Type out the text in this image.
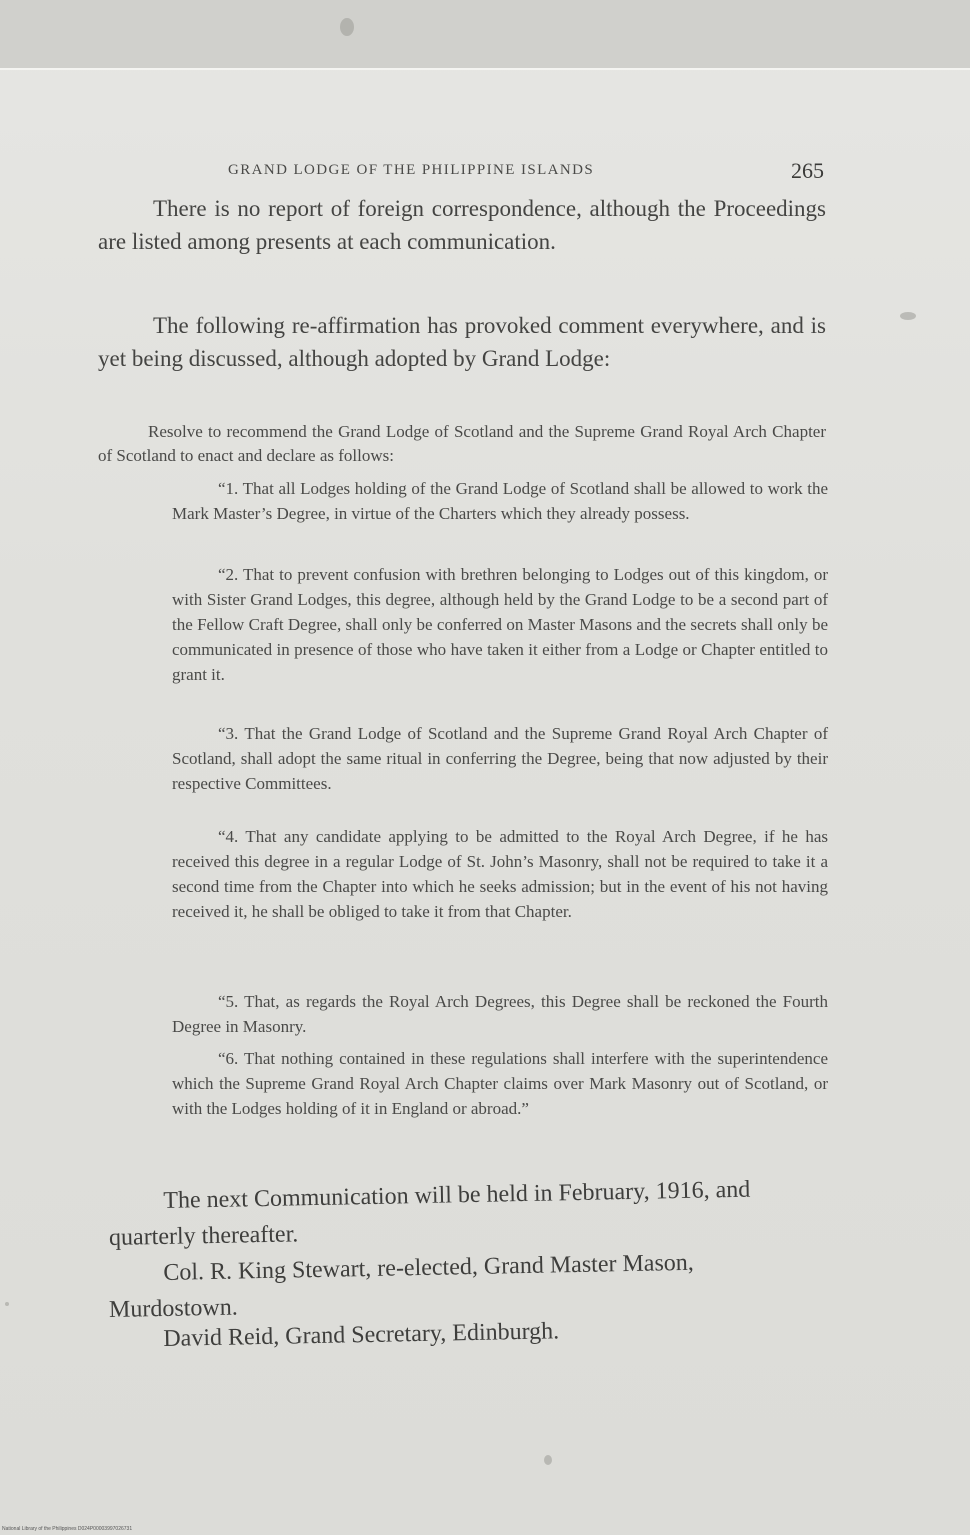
GRAND LODGE OF THE PHILIPPINE ISLANDS	265

There is no report of foreign correspondence, although the Proceedings are listed among presents at each communication.

The following re-affirmation has provoked comment everywhere, and is yet being discussed, although adopted by Grand Lodge:

Resolve to recommend the Grand Lodge of Scotland and the Supreme Grand Royal Arch Chapter of Scotland to enact and declare as follows:

“1. That all Lodges holding of the Grand Lodge of Scotland shall be allowed to work the Mark Master’s Degree, in virtue of the Charters which they already possess.

“2. That to prevent confusion with brethren belonging to Lodges out of this kingdom, or with Sister Grand Lodges, this degree, although held by the Grand Lodge to be a second part of the Fellow Craft Degree, shall only be conferred on Master Masons and the secrets shall only be communicated in presence of those who have taken it either from a Lodge or Chapter entitled to grant it.

“3. That the Grand Lodge of Scotland and the Supreme Grand Royal Arch Chapter of Scotland, shall adopt the same ritual in conferring the Degree, being that now adjusted by their respective Committees.

“4. That any candidate applying to be admitted to the Royal Arch Degree, if he has received this degree in a regular Lodge of St. John’s Masonry, shall not be required to take it a second time from the Chapter into which he seeks admission; but in the event of his not having received it, he shall be obliged to take it from that Chapter.

“5. That, as regards the Royal Arch Degrees, this Degree shall be reckoned the Fourth Degree in Masonry.

“6. That nothing contained in these regulations shall interfere with the superintendence which the Supreme Grand Royal Arch Chapter claims over Mark Masonry out of Scotland, or with the Lodges holding of it in England or abroad.”

The next Communication will be held in February, 1916, and quarterly thereafter.

Col. R. King Stewart, re-elected, Grand Master Mason, Murdostown.

David Reid, Grand Secretary, Edinburgh.

National Library of the Philippines D024P00003997026731
